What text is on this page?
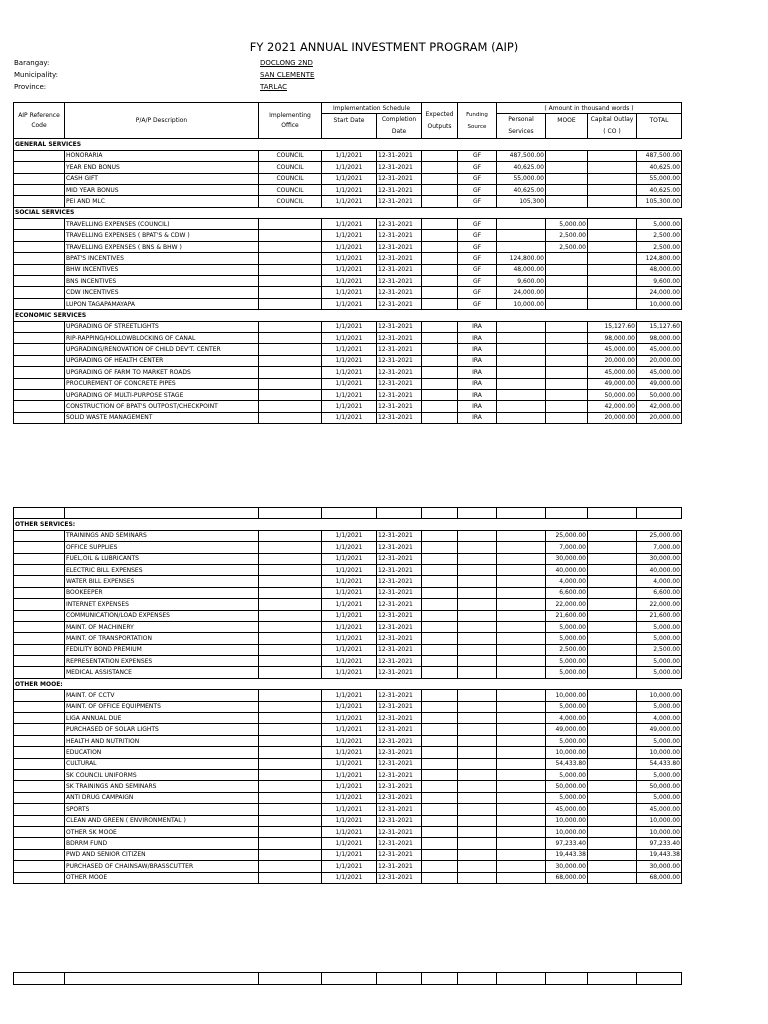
FY 2021 ANNUAL INVESTMENT PROGRAM (AIP)
Barangay:	DOCLONG 2ND
Municipality:	SAN CLEMENTE
Province:	TARLAC
AIP Reference Code	P/A/P Description	Implementing Office	Implementation Schedule		Expected Outputs	Funding Source	( Amount in thousand words )			
			Start Date	Completion Date			Personal Services	MOOE	Capital Outlay ( CO )	TOTAL

GENERAL SERVICES										
	HONORARIA	COUNCIL	1/1/2021	12-31-2021		GF	487,500.00			487,500.00
	YEAR END BONUS	COUNCIL	1/1/2021	12-31-2021		GF	40,625.00			40,625.00
	CASH GIFT	COUNCIL	1/1/2021	12-31-2021		GF	55,000.00			55,000.00
	MID YEAR BONUS	COUNCIL	1/1/2021	12-31-2021		GF	40,625.00			40,625.00
	PEI AND MLC	COUNCIL	1/1/2021	12-31-2021		GF	105,300			105,300.00
SOCIAL SERVICES										
	TRAVELLING EXPENSES (COUNCIL)		1/1/2021	12-31-2021		GF		5,000.00		5,000.00
	TRAVELLING EXPENSES ( BPAT'S & CDW )		1/1/2021	12-31-2021		GF		2,500.00		2,500.00
	TRAVELLING EXPENSES ( BNS & BHW )		1/1/2021	12-31-2021		GF		2,500.00		2,500.00
	BPAT'S INCENTIVES		1/1/2021	12-31-2021		GF	124,800.00			124,800.00
	BHW INCENTIVES		1/1/2021	12-31-2021		GF	48,000.00			48,000.00
	BNS INCENTIVES		1/1/2021	12-31-2021		GF	9,600.00			9,600.00
	CDW INCENTIVES		1/1/2021	12-31-2021		GF	24,000.00			24,000.00
	LUPON TAGAPAMAYAPA		1/1/2021	12-31-2021		GF	10,000.00			10,000.00
ECONOMIC SERVICES										
	UPGRADING OF STREETLIGHTS		1/1/2021	12-31-2021		IRA			15,127.60	15,127.60
	RIP-RAPPING/HOLLOWBLOCKING OF CANAL		1/1/2021	12-31-2021		IRA			98,000.00	98,000.00
	UPGRADING/RENOVATION OF CHILD DEV'T. CENTER		1/1/2021	12-31-2021		IRA			45,000.00	45,000.00
	UPGRADING OF HEALTH CENTER		1/1/2021	12-31-2021		IRA			20,000.00	20,000.00
	UPGRADING OF FARM TO MARKET ROADS		1/1/2021	12-31-2021		IRA			45,000.00	45,000.00
	PROCUREMENT OF CONCRETE PIPES		1/1/2021	12-31-2021		IRA			49,000.00	49,000.00
	UPGRADING OF MULTI-PURPOSE STAGE		1/1/2021	12-31-2021		IRA			50,000.00	50,000.00
	CONSTRUCTION OF BPAT'S OUTPOST/CHECKPOINT		1/1/2021	12-31-2021		IRA			42,000.00	42,000.00
	SOLID WASTE MANAGEMENT		1/1/2021	12-31-2021		IRA			20,000.00	20,000.00

OTHER SERVICES:										
	TRAININGS AND SEMINARS		1/1/2021	12-31-2021				25,000.00		25,000.00
	OFFICE SUPPLIES		1/1/2021	12-31-2021				7,000.00		7,000.00
	FUEL,OIL & LUBRICANTS		1/1/2021	12-31-2021				30,000.00		30,000.00
	ELECTRIC BILL EXPENSES		1/1/2021	12-31-2021				40,000.00		40,000.00
	WATER BILL EXPENSES		1/1/2021	12-31-2021				4,000.00		4,000.00
	BOOKEEPER		1/1/2021	12-31-2021				6,600.00		6,600.00
	INTERNET EXPENSES		1/1/2021	12-31-2021				22,000.00		22,000.00
	COMMUNICATION/LOAD EXPENSES		1/1/2021	12-31-2021				21,600.00		21,600.00
	MAINT. OF MACHINERY		1/1/2021	12-31-2021				5,000.00		5,000.00
	MAINT. OF TRANSPORTATION		1/1/2021	12-31-2021				5,000.00		5,000.00
	FEDILITY BOND PREMIUM		1/1/2021	12-31-2021				2,500.00		2,500.00
	REPRESENTATION EXPENSES		1/1/2021	12-31-2021				5,000.00		5,000.00
	MEDICAL ASSISTANCE		1/1/2021	12-31-2021				5,000.00		5,000.00
OTHER MOOE:										
	MAINT. OF CCTV		1/1/2021	12-31-2021				10,000.00		10,000.00
	MAINT. OF OFFICE EQUIPMENTS		1/1/2021	12-31-2021				5,000.00		5,000.00
	LIGA ANNUAL DUE		1/1/2021	12-31-2021				4,000.00		4,000.00
	PURCHASED OF SOLAR LIGHTS		1/1/2021	12-31-2021				49,000.00		49,000.00
	HEALTH AND NUTRITION		1/1/2021	12-31-2021				5,000.00		5,000.00
	EDUCATION		1/1/2021	12-31-2021				10,000.00		10,000.00
	CULTURAL		1/1/2021	12-31-2021				54,433.80		54,433.80
	SK COUNCIL UNIFORMS		1/1/2021	12-31-2021				5,000.00		5,000.00
	SK TRAININGS AND SEMINARS		1/1/2021	12-31-2021				50,000.00		50,000.00
	ANTI DRUG CAMPAIGN		1/1/2021	12-31-2021				5,000.00		5,000.00
	SPORTS		1/1/2021	12-31-2021				45,000.00		45,000.00
	CLEAN AND GREEN ( ENVIRONMENTAL )		1/1/2021	12-31-2021				10,000.00		10,000.00
	OTHER SK MOOE		1/1/2021	12-31-2021				10,000.00		10,000.00
	BDRRM FUND		1/1/2021	12-31-2021				97,233.40		97,233.40
	PWD AND SENIOR CITIZEN		1/1/2021	12-31-2021				19,443.38		19,443.38
	PURCHASED OF CHAINSAW/BRASSCUTTER		1/1/2021	12-31-2021				30,000.00		30,000.00
	OTHER MOOE		1/1/2021	12-31-2021				68,000.00		68,000.00
